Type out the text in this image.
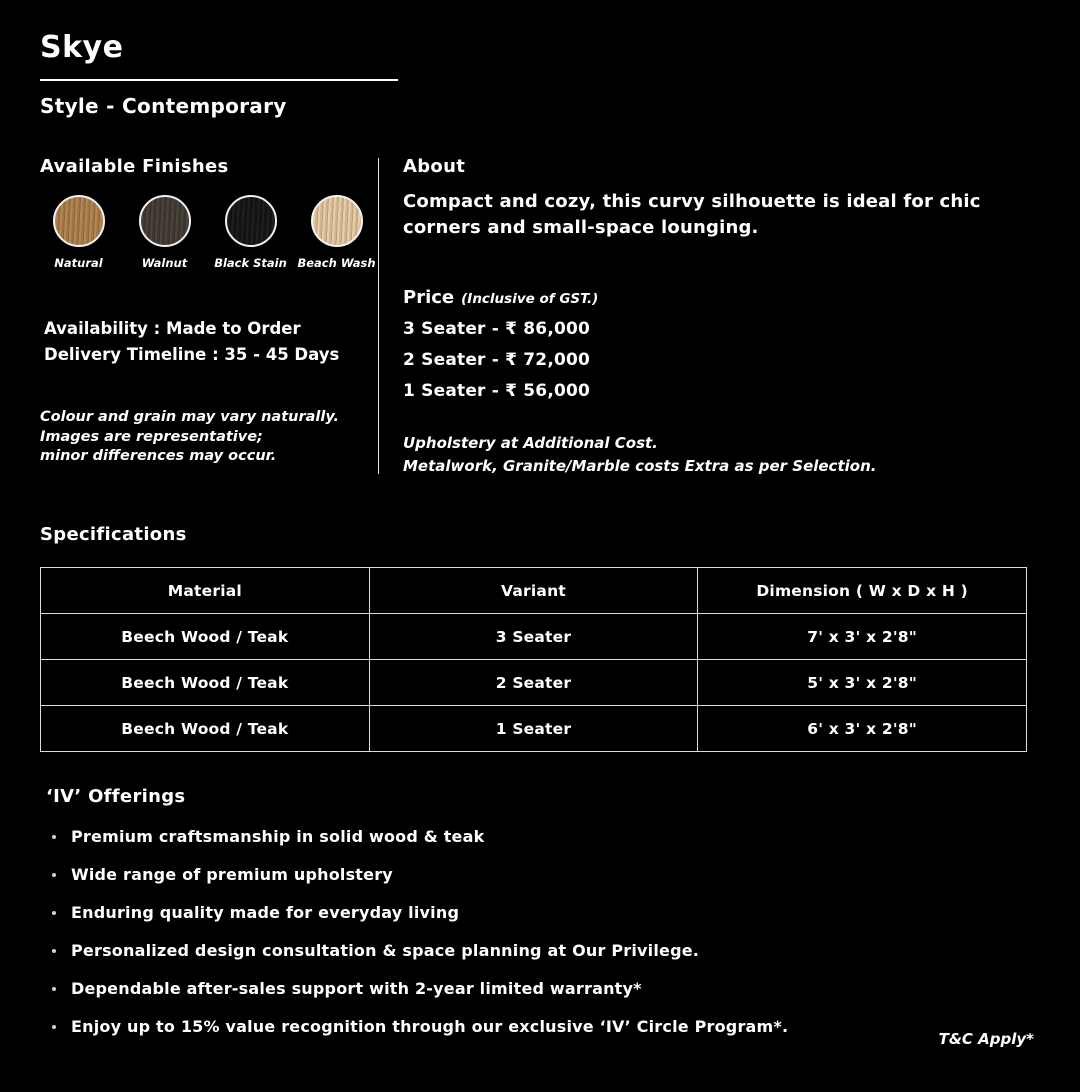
Skye
Style - Contemporary
Available Finishes
Natural	Walnut Black Stain Beach Wash

Availability : Made to Order

Delivery Timeline : 35 - 45 Days

Colour and grain may vary naturally.

Images are representative;

minor differences may occur.

About

Compact and cozy, this curvy silhouette is ideal for chic corners and small-space lounging.

Price (Inclusive of GST.)

3 Seater - ₹ 86,000

2 Seater - ₹ 72,000

1 Seater - ₹ 56,000

Upholstery at Additional Cost.

Metalwork, Granite/Marble costs Extra as per Selection.

Specifications
Material	Variant	Dimension ( W x D x H )
Beech Wood / Teak	3 Seater	7' x 3' x 2'8"
Beech Wood / Teak	2 Seater	5' x 3' x 2'8"
Beech Wood / Teak	1 Seater	6' x 3' x 2'8"
‘IV’ Offerings
Premium craftsmanship in solid wood & teak
Wide range of premium upholstery
Enduring quality made for everyday living
Personalized design consultation & space planning at Our Privilege.
Dependable after-sales support with 2-year limited warranty*
Enjoy up to 15% value recognition through our exclusive ‘IV’ Circle Program*.
T&C Apply*
